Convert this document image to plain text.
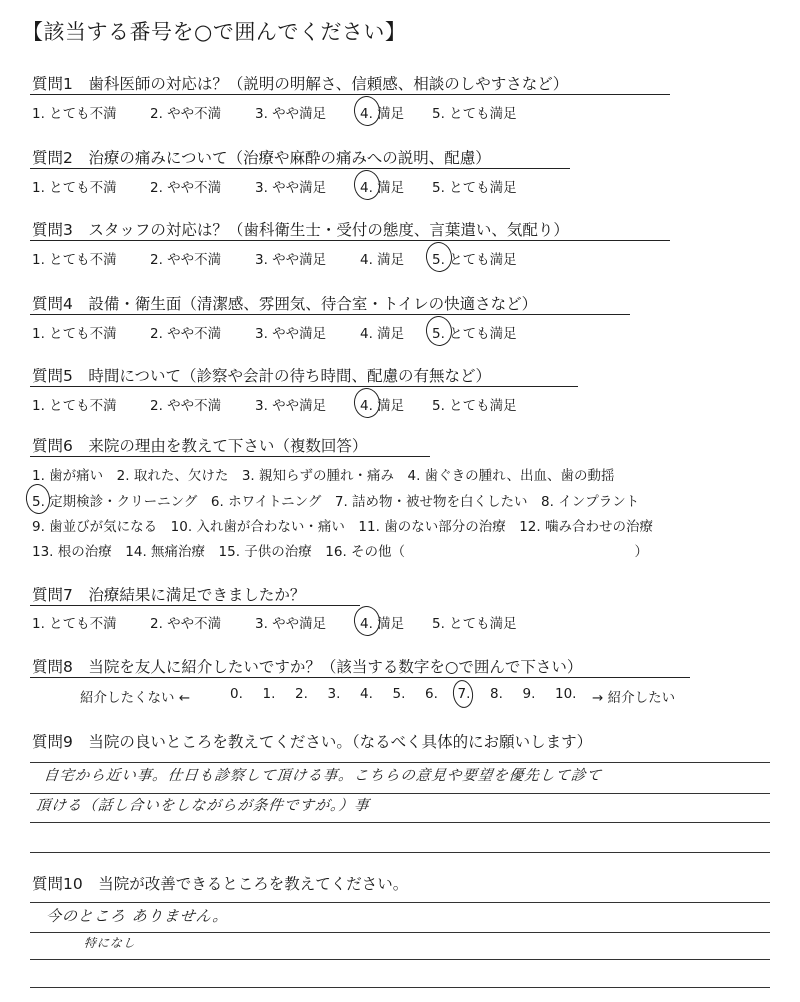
【該当する番号を○で囲んでください】
質問1　歯科医師の対応は？（説明の明解さ、信頼感、相談のしやすさなど）
1. とても不満 2. やや不満	3. やや満足	4. 満足 5. とても満足
質問2　治療の痛みについて（治療や麻酔の痛みへの説明、配慮）
1. とても不満 2. やや不満	3. やや満足	4. 満足 5. とても満足
質問3　スタッフの対応は？（歯科衛生士・受付の態度、言葉遣い、気配り）
1. とても不満 2. やや不満	3. やや満足	4. 満足 5. とても満足
質問4　設備・衛生面（清潔感、雰囲気、待合室・トイレの快適さなど）
1. とても不満 2. やや不満	3. やや満足	4. 満足 5. とても満足
質問5　時間について（診察や会計の待ち時間、配慮の有無など）
1. とても不満 2. やや不満	3. やや満足	4. 満足 5. とても満足
質問6　来院の理由を教えて下さい（複数回答）
1. 歯が痛い　2. 取れた、欠けた　3. 親知らずの腫れ・痛み　4. 歯ぐきの腫れ、出血、歯の動揺
5. 定期検診・クリーニング　6. ホワイトニング　7. 詰め物・被せ物を白くしたい　8. インプラント
9. 歯並びが気になる　10. 入れ歯が合わない・痛い　11. 歯のない部分の治療　12. 噛み合わせの治療
13. 根の治療　14. 無痛治療　15. 子供の治療　16. その他（　　　　　　　　　　　　　　　　　）
質問7　治療結果に満足できましたか？
1. とても不満 2. やや不満	3. やや満足	4. 満足 5. とても満足
質問8　当院を友人に紹介したいですか？（該当する数字を○で囲んで下さい）
紹介したくない ←	0. 1. 2. 3. 4. 5. 6. 7. 8. 9. 10. → 紹介したい
質問9　当院の良いところを教えてください。（なるべく具体的にお願いします）
自宅から近い事。仕日も診察して頂ける事。こちらの意見や要望を優先して診て
頂ける（話し合いをしながらが条件ですが。）事
質問10　当院が改善できるところを教えてください。
今のところ ありません。
特になし
